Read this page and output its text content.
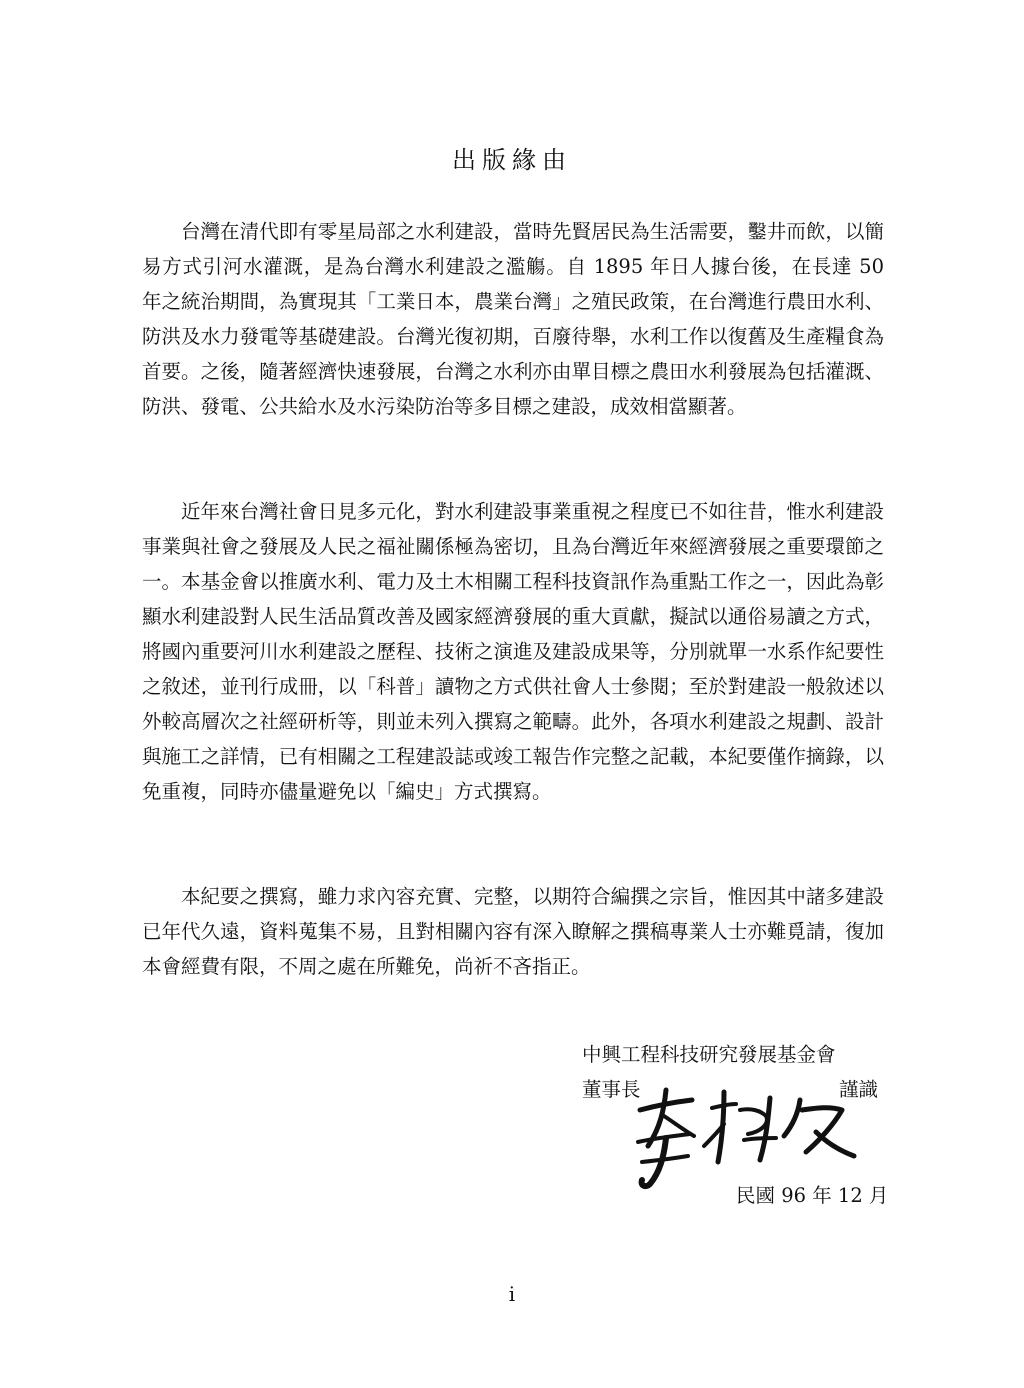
出版緣由

台灣在清代即有零星局部之水利建設，當時先賢居民為生活需要，鑿井而飲，以簡易方式引河水灌溉，是為台灣水利建設之濫觴。自 1895 年日人據台後，在長達 50 年之統治期間，為實現其「工業日本，農業台灣」之殖民政策，在台灣進行農田水利、防洪及水力發電等基礎建設。台灣光復初期，百廢待舉，水利工作以復舊及生產糧食為首要。之後，隨著經濟快速發展，台灣之水利亦由單目標之農田水利發展為包括灌溉、防洪、發電、公共給水及水污染防治等多目標之建設，成效相當顯著。

近年來台灣社會日見多元化，對水利建設事業重視之程度已不如往昔，惟水利建設事業與社會之發展及人民之福祉關係極為密切，且為台灣近年來經濟發展之重要環節之一。本基金會以推廣水利、電力及土木相關工程科技資訊作為重點工作之一，因此為彰顯水利建設對人民生活品質改善及國家經濟發展的重大貢獻，擬試以通俗易讀之方式，將國內重要河川水利建設之歷程、技術之演進及建設成果等，分別就單一水系作紀要性之敘述，並刊行成冊，以「科普」讀物之方式供社會人士參閱；至於對建設一般敘述以外較高層次之社經研析等，則並未列入撰寫之範疇。此外，各項水利建設之規劃、設計與施工之詳情，已有相關之工程建設誌或竣工報告作完整之記載，本紀要僅作摘錄，以免重複，同時亦儘量避免以「編史」方式撰寫。

本紀要之撰寫，雖力求內容充實、完整，以期符合編撰之宗旨，惟因其中諸多建設已年代久遠，資料蒐集不易，且對相關內容有深入瞭解之撰稿專業人士亦難覓請，復加本會經費有限，不周之處在所難免，尚祈不吝指正。

中興工程科技研究發展基金會
董事長	謹識
民國 96 年 12 月
i
